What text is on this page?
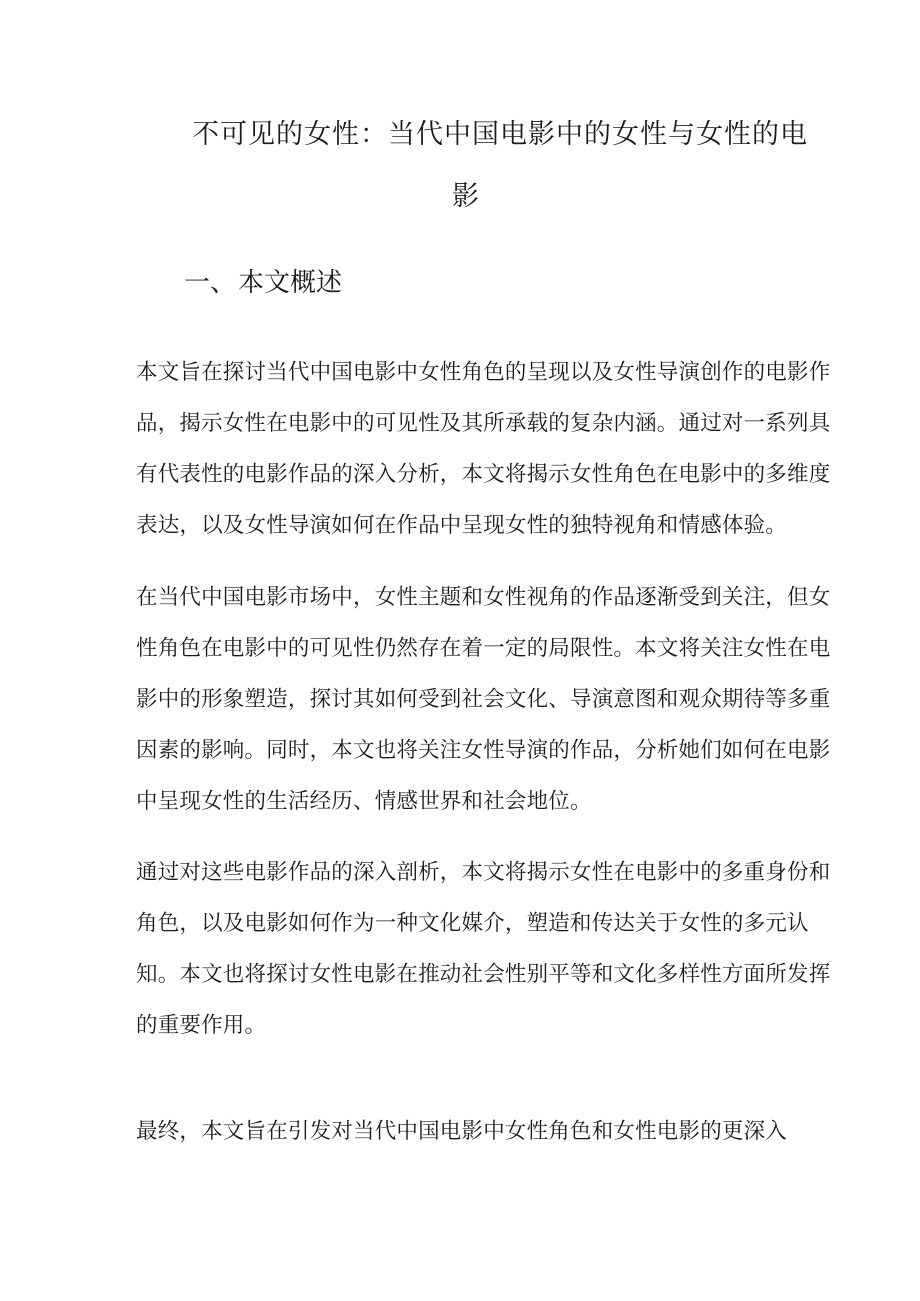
不可见的女性：当代中国电影中的女性与女性的电
影
一、本文概述
本文旨在探讨当代中国电影中女性角色的呈现以及女性导演创作的电影作
品，揭示女性在电影中的可见性及其所承载的复杂内涵。通过对一系列具
有代表性的电影作品的深入分析，本文将揭示女性角色在电影中的多维度
表达，以及女性导演如何在作品中呈现女性的独特视角和情感体验。
在当代中国电影市场中，女性主题和女性视角的作品逐渐受到关注，但女
性角色在电影中的可见性仍然存在着一定的局限性。本文将关注女性在电
影中的形象塑造，探讨其如何受到社会文化、导演意图和观众期待等多重
因素的影响。同时，本文也将关注女性导演的作品，分析她们如何在电影
中呈现女性的生活经历、情感世界和社会地位。
通过对这些电影作品的深入剖析，本文将揭示女性在电影中的多重身份和
角色，以及电影如何作为一种文化媒介，塑造和传达关于女性的多元认
知。本文也将探讨女性电影在推动社会性别平等和文化多样性方面所发挥
的重要作用。
最终，本文旨在引发对当代中国电影中女性角色和女性电影的更深入
